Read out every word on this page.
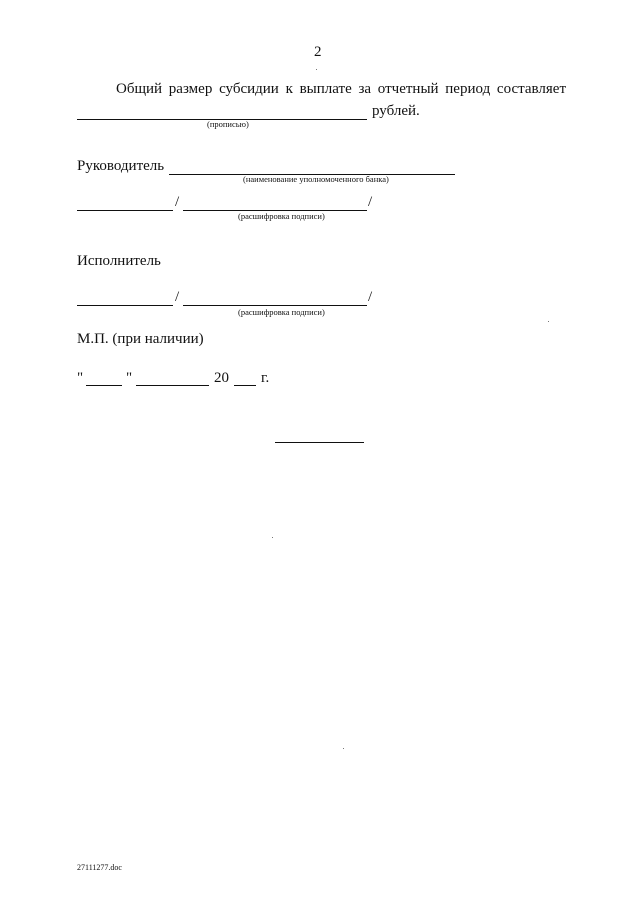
2
Общий размер субсидии к выплате за отчетный период составляет
рублей.
(прописью)
Руководитель
(наименование уполномоченного банка)
/	/
(расшифровка подписи)
Исполнитель
/	/
(расшифровка подписи)
М.П. (при наличии)
"	"	20 г.
27111277.doc
